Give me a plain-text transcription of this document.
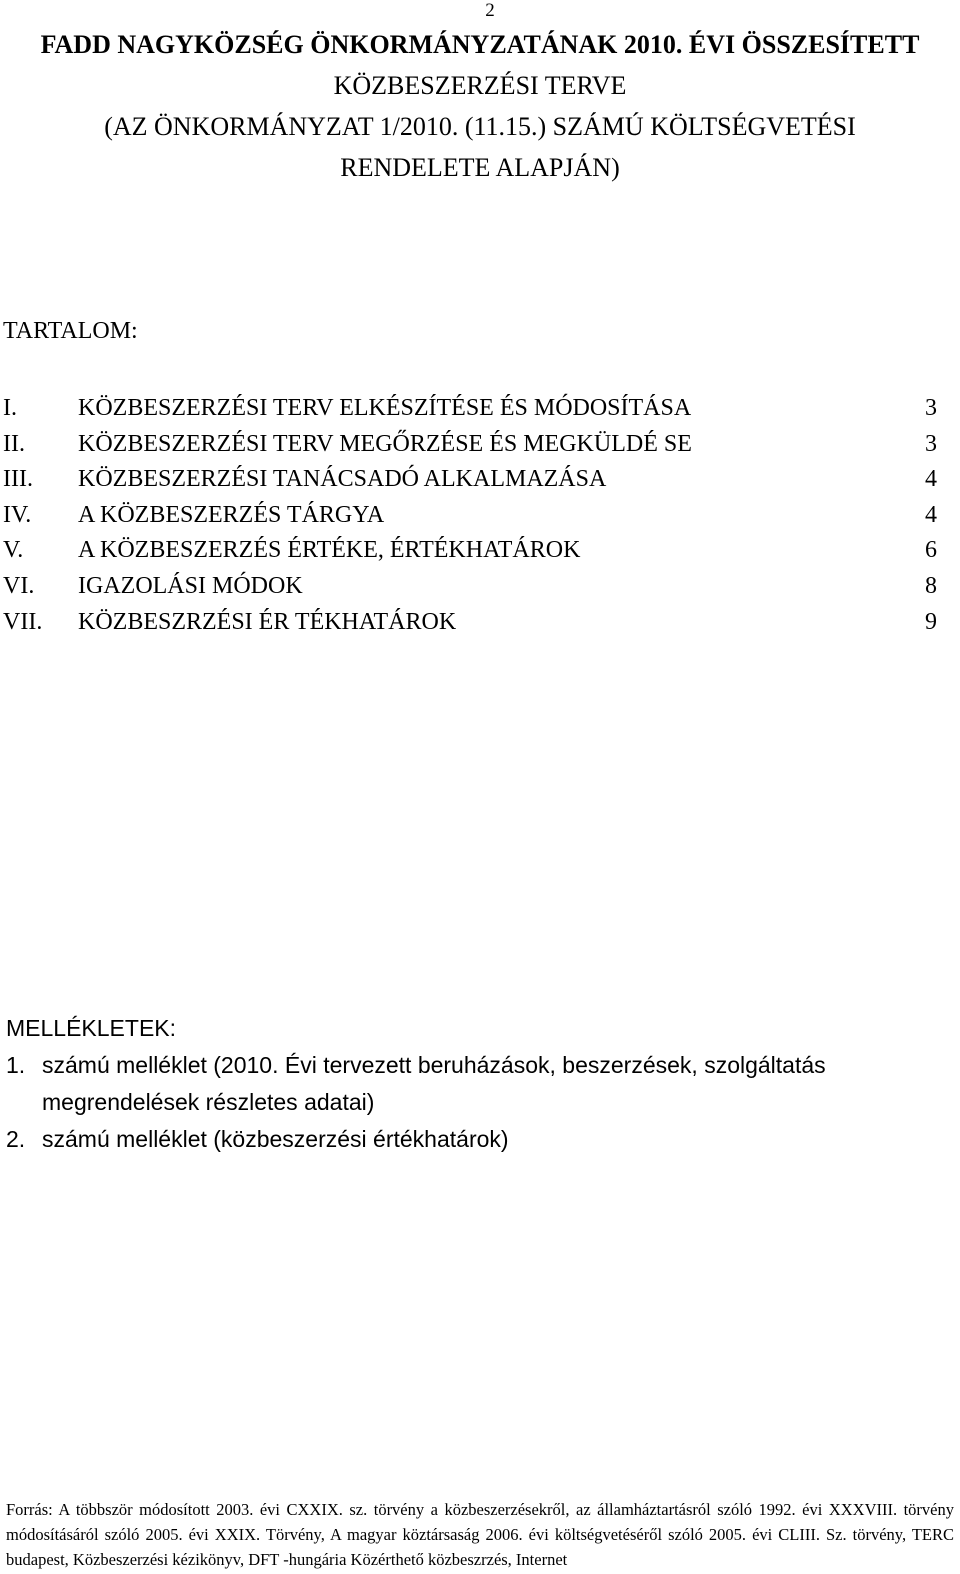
2
FADD NAGYKÖZSÉG ÖNKORMÁNYZATÁNAK 2010. ÉVI ÖSSZESÍTETT
KÖZBESZERZÉSI TERVE
(AZ ÖNKORMÁNYZAT 1/2010. (11.15.) SZÁMÚ KÖLTSÉGVETÉSI
RENDELETE ALAPJÁN)
TARTALOM:
I.	KÖZBESZERZÉSI TERV ELKÉSZÍTÉSE ÉS MÓDOSÍTÁSA	3
II. KÖZBESZERZÉSI TERV MEGŐRZÉSE ÉS MEGKÜLDÉ SE	3
III. KÖZBESZERZÉSI TANÁCSADÓ ALKALMAZÁSA	4
IV. A KÖZBESZERZÉS TÁRGYA	4
V. A KÖZBESZERZÉS ÉRTÉKE, ÉRTÉKHATÁROK	6
VI. IGAZOLÁSI MÓDOK	8
VII. KÖZBESZRZÉSI ÉR TÉKHATÁROK	9
MELLÉKLETEK:
1. számú melléklet (2010. Évi tervezett beruházások, beszerzések, szolgáltatás megrendelések részletes adatai)
2. számú melléklet (közbeszerzési értékhatárok)
Forrás: A többször módosított 2003. évi CXXIX. sz. törvény a közbeszerzésekről, az államháztartásról szóló 1992. évi XXXVIII. törvény módosításáról szóló 2005. évi XXIX. Törvény, A magyar köztársaság 2006. évi költségvetéséről szóló 2005. évi CLIII. Sz. törvény, TERC budapest, Közbeszerzési kézikönyv, DFT -hungária Közérthető közbeszrzés, Internet
